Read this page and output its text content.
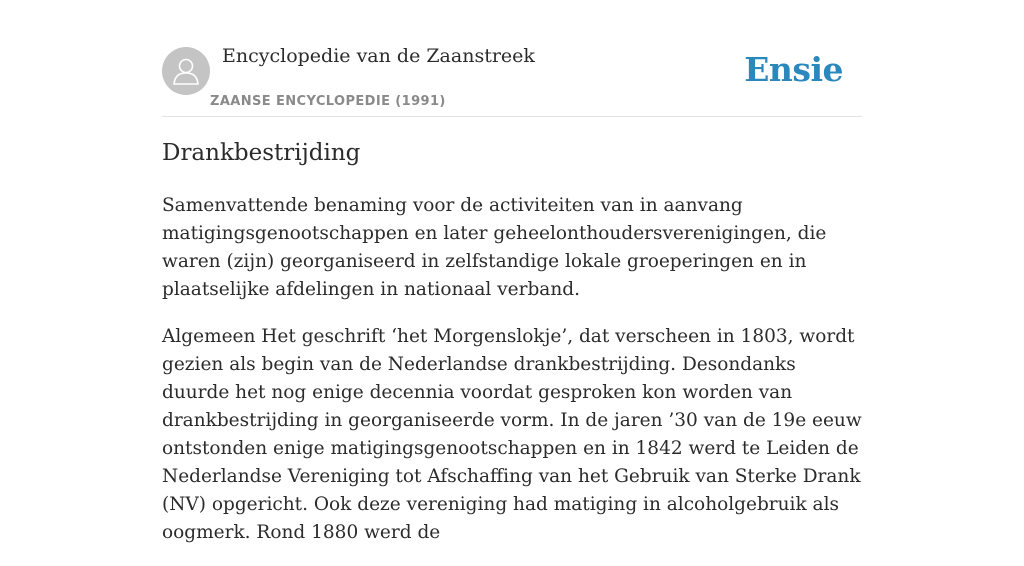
Encyclopedie van de Zaanstreek
ZAANSE ENCYCLOPEDIE (1991)
Ensie
Drankbestrijding

Samenvattende benaming voor de activiteiten van in aanvang matigingsgenootschappen en later geheelonthoudersverenigingen, die waren (zijn) georganiseerd in zelfstandige lokale groeperingen en in plaatselijke afdelingen in nationaal verband.

Algemeen Het geschrift ‘het Morgenslokje’, dat verscheen in 1803, wordt gezien als begin van de Nederlandse drankbestrijding. Desondanks duurde het nog enige decennia voordat gesproken kon worden van drankbestrijding in georganiseerde vorm. In de jaren ’30 van de 19e eeuw ontstonden enige matigingsgenootschappen en in 1842 werd te Leiden de Nederlandse Vereniging tot Afschaffing van het Gebruik van Sterke Drank (NV) opgericht. Ook deze vereniging had matiging in alcoholgebruik als oogmerk. Rond 1880 werd de
